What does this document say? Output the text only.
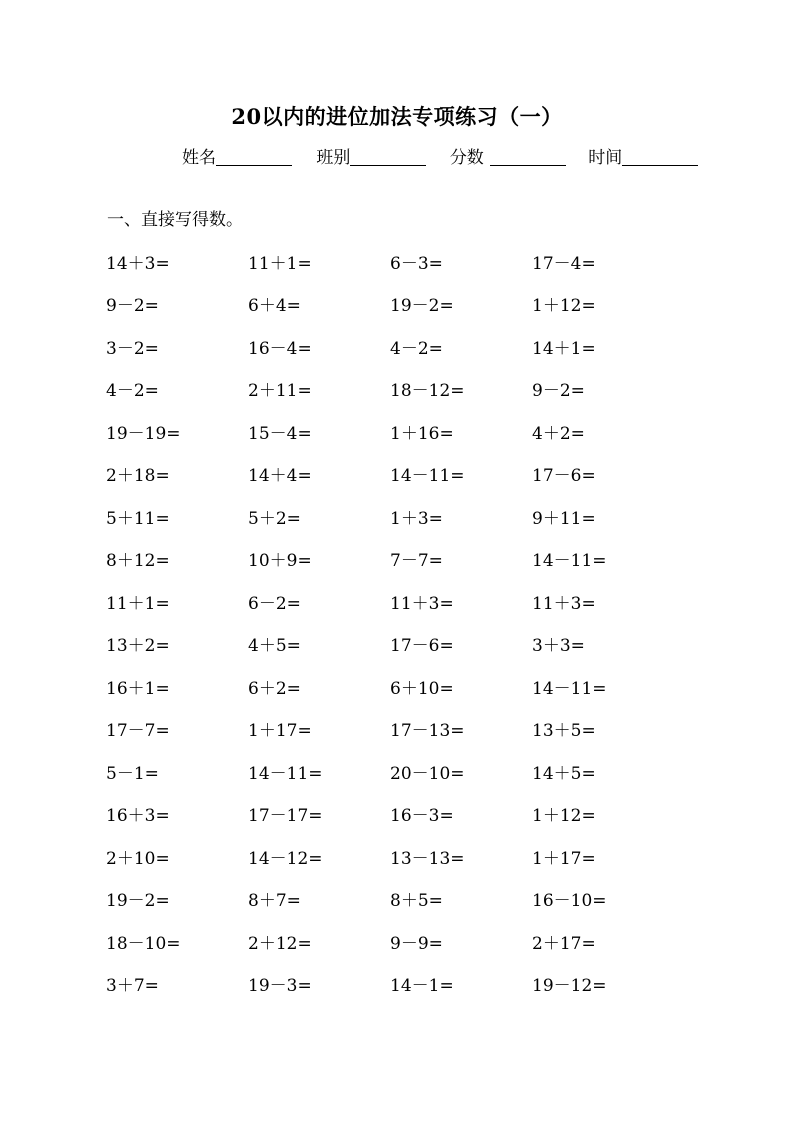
20以内的进位加法专项练习（一）
姓名	班别	分数	时间
一、直接写得数。
14＋3=	11＋1=	6－3=	17－4=
9－2=	6＋4=	19－2=	1＋12=
3－2=	16－4=	4－2=	14＋1=
4－2=	2＋11=	18－12=	9－2=
19－19=	15－4=	1＋16=	4＋2=
2＋18=	14＋4=	14－11=	17－6=
5＋11=	5＋2=	1＋3=	9＋11=
8＋12=	10＋9=	7－7=	14－11=
11＋1=	6－2=	11＋3=	11＋3=
13＋2=	4＋5=	17－6=	3＋3=
16＋1=	6＋2=	6＋10=	14－11=
17－7=	1＋17=	17－13=	13＋5=
5－1=	14－11=	20－10=	14＋5=
16＋3=	17－17=	16－3=	1＋12=
2＋10=	14－12=	13－13=	1＋17=
19－2=	8＋7=	8＋5=	16－10=
18－10=	2＋12=	9－9=	2＋17=
3＋7=	19－3=	14－1=	19－12=
